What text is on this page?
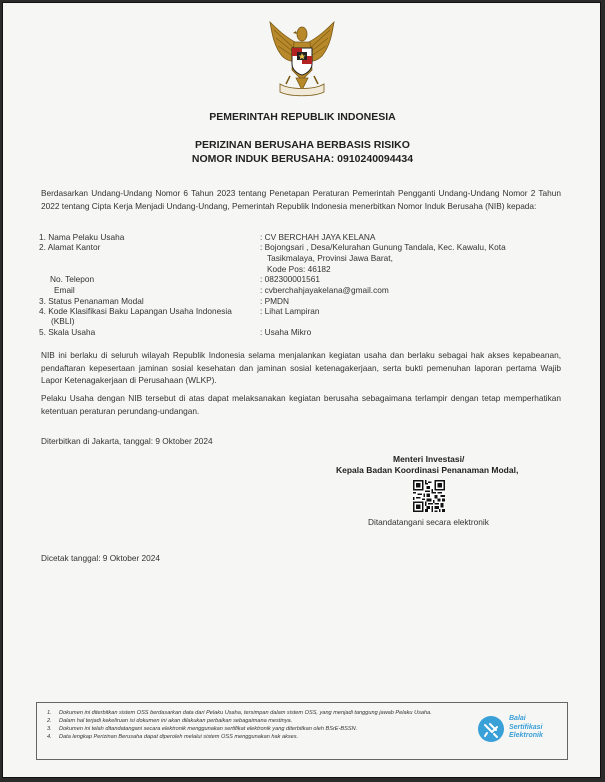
PEMERINTAH REPUBLIK INDONESIA
PERIZINAN BERUSAHA BERBASIS RISIKO
NOMOR INDUK BERUSAHA: 0910240094434
Berdasarkan Undang-Undang Nomor 6 Tahun 2023 tentang Penetapan Peraturan Pemerintah Pengganti Undang-Undang Nomor 2 Tahun 2022 tentang Cipta Kerja Menjadi Undang-Undang, Pemerintah Republik Indonesia menerbitkan Nomor Induk Berusaha (NIB) kepada:
1. Nama Pelaku Usaha	: CV BERCHAH JAYA KELANA
2. Alamat Kantor	: Bojongsari , Desa/Kelurahan Gunung Tandala, Kec. Kawalu, Kota
Tasikmalaya, Provinsi Jawa Barat,
Kode Pos: 46182
No. Telepon	: 082300001561
Email	: cvberchahjayakelana@gmail.com
3. Status Penanaman Modal	: PMDN
4. Kode Klasifikasi Baku Lapangan Usaha Indonesia
(KBLI)
: Lihat Lampiran
5. Skala Usaha	: Usaha Mikro
NIB ini berlaku di seluruh wilayah Republik Indonesia selama menjalankan kegiatan usaha dan berlaku sebagai hak akses kepabeanan, pendaftaran kepesertaan jaminan sosial kesehatan dan jaminan sosial ketenagakerjaan, serta bukti pemenuhan laporan pertama Wajib Lapor Ketenagakerjaan di Perusahaan (WLKP).
Pelaku Usaha dengan NIB tersebut di atas dapat melaksanakan kegiatan berusaha sebagaimana terlampir dengan tetap memperhatikan ketentuan peraturan perundang-undangan.
Diterbitkan di Jakarta, tanggal: 9 Oktober 2024
Menteri Investasi/
Kepala Badan Koordinasi Penanaman Modal,
Ditandatangani secara elektronik
Dicetak tanggal: 9 Oktober 2024
1.	Dokumen ini diterbitkan sistem OSS berdasarkan data dari Pelaku Usaha, tersimpan dalam sistem OSS, yang menjadi tanggung jawab Pelaku Usaha.
2.	Dalam hal terjadi kekeliruan isi dokumen ini akan dilakukan perbaikan sebagaimana mestinya.
3.	Dokumen ini telah ditandatangani secara elektronik menggunakan sertifikat elektronik yang diterbitkan oleh BSrE-BSSN.
4.	Data lengkap Perizinan Berusaha dapat diperoleh melalui sistem OSS menggunakan hak akses.
Balai
Sertifikasi
Elektronik
